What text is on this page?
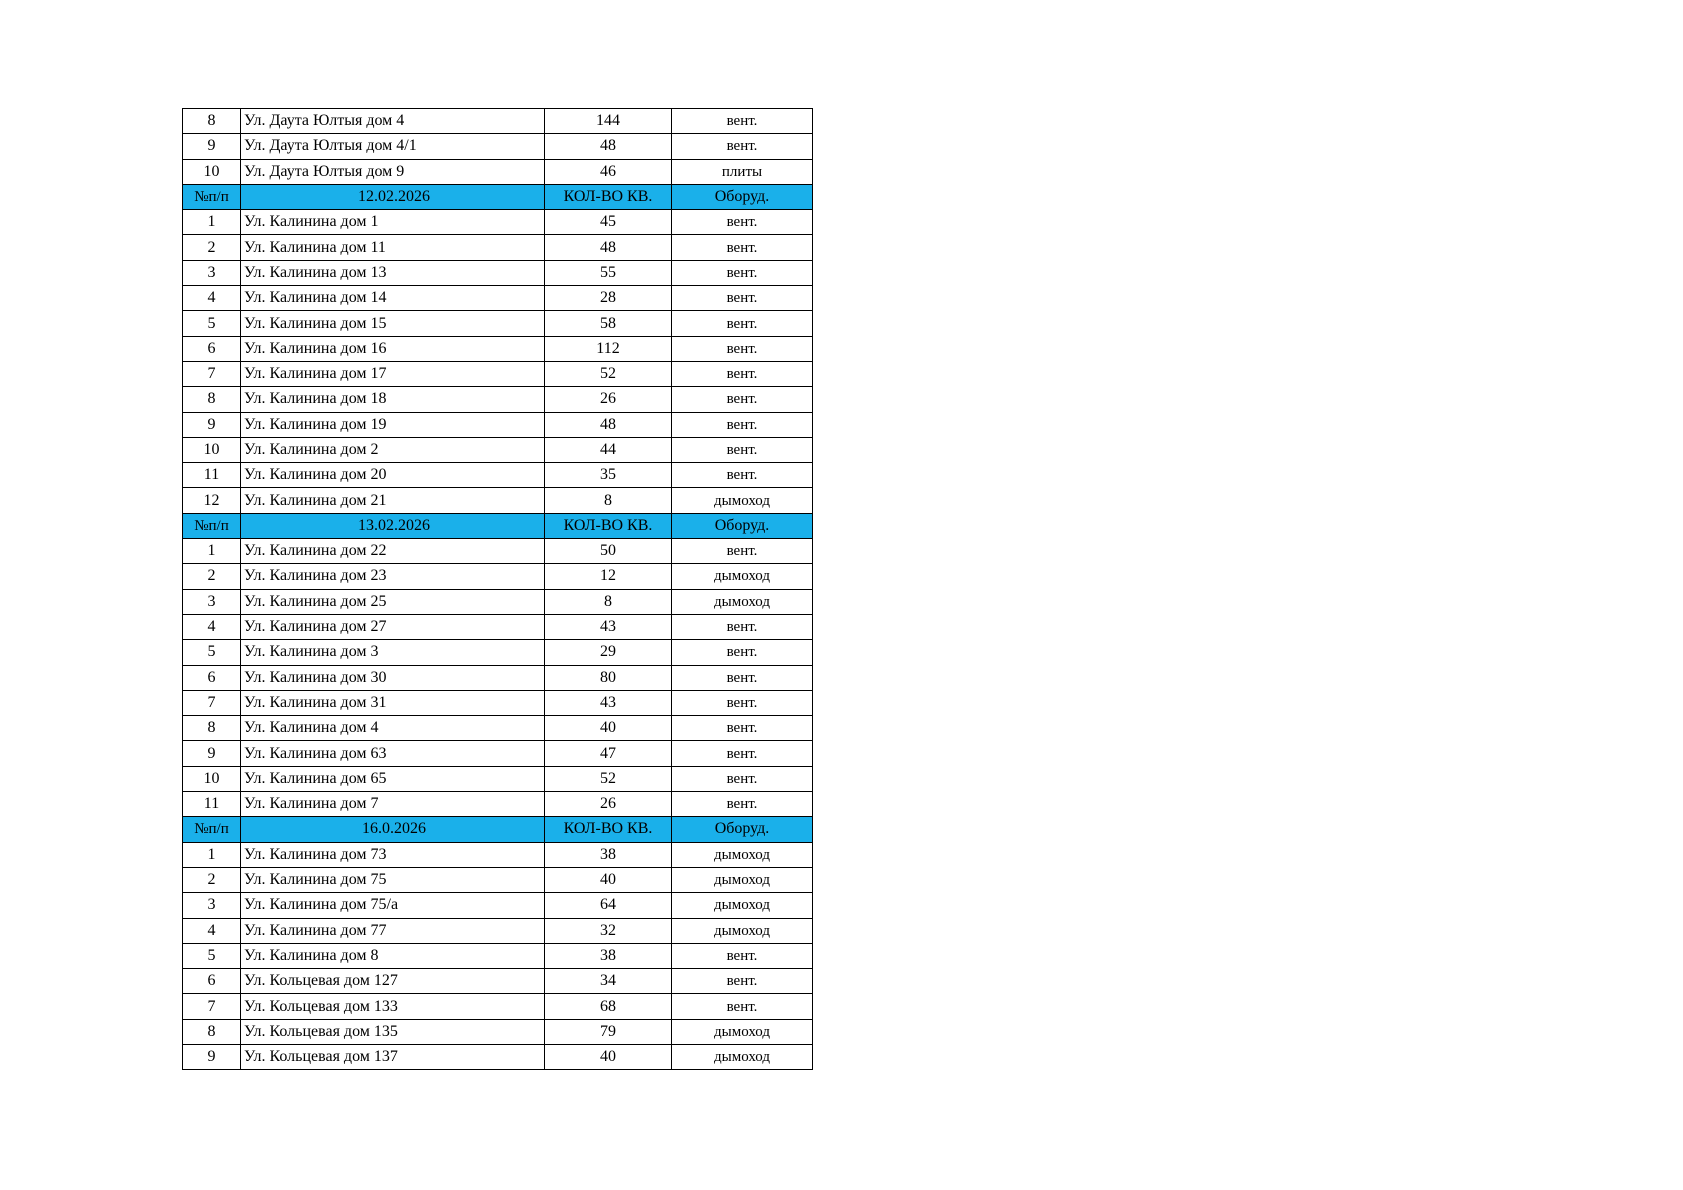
8	Ул. Даута Юлтыя дом 4	144	вент.
9	Ул. Даута Юлтыя дом 4/1	48	вент.
10	Ул. Даута Юлтыя дом 9	46	плиты
№п/п	12.02.2026	КОЛ-ВО КВ.	Оборуд.
1	Ул. Калинина дом 1	45	вент.
2	Ул. Калинина дом 11	48	вент.
3	Ул. Калинина дом 13	55	вент.
4	Ул. Калинина дом 14	28	вент.
5	Ул. Калинина дом 15	58	вент.
6	Ул. Калинина дом 16	112	вент.
7	Ул. Калинина дом 17	52	вент.
8	Ул. Калинина дом 18	26	вент.
9	Ул. Калинина дом 19	48	вент.
10	Ул. Калинина дом 2	44	вент.
11	Ул. Калинина дом 20	35	вент.
12	Ул. Калинина дом 21	8	дымоход
№п/п	13.02.2026	КОЛ-ВО КВ.	Оборуд.
1	Ул. Калинина дом 22	50	вент.
2	Ул. Калинина дом 23	12	дымоход
3	Ул. Калинина дом 25	8	дымоход
4	Ул. Калинина дом 27	43	вент.
5	Ул. Калинина дом 3	29	вент.
6	Ул. Калинина дом 30	80	вент.
7	Ул. Калинина дом 31	43	вент.
8	Ул. Калинина дом 4	40	вент.
9	Ул. Калинина дом 63	47	вент.
10	Ул. Калинина дом 65	52	вент.
11	Ул. Калинина дом 7	26	вент.
№п/п	16.0.2026	КОЛ-ВО КВ.	Оборуд.
1	Ул. Калинина дом 73	38	дымоход
2	Ул. Калинина дом 75	40	дымоход
3	Ул. Калинина дом 75/а	64	дымоход
4	Ул. Калинина дом 77	32	дымоход
5	Ул. Калинина дом 8	38	вент.
6	Ул. Кольцевая дом 127	34	вент.
7	Ул. Кольцевая дом 133	68	вент.
8	Ул. Кольцевая дом 135	79	дымоход
9	Ул. Кольцевая дом 137	40	дымоход
